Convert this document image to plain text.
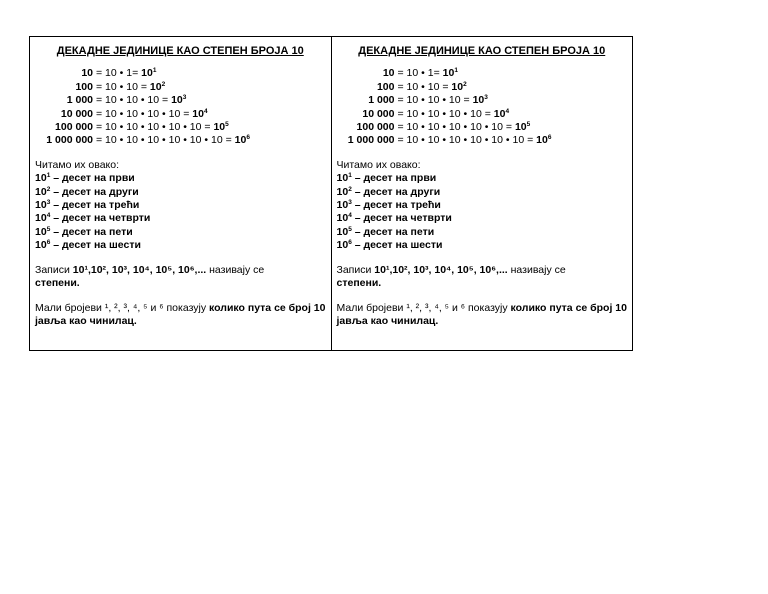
ДЕКАДНЕ ЈЕДИНИЦЕ КАО СТЕПЕН БРОЈА 10
10 = 10 • $1= 10^1$
100 = 10 • $10 = 10^2$
1 000 = 10 • 10 • $10 = 10^3$
10 000 = 10 • 10 • 10 • $10 = 10^4$
100 000 = 10 • 10 • 10 • 10 • $10 = 10^5$
1 000 000 = 10 • 10 • 10 • 10 • 10 • $10 = 10^6$
Читамо их овако:
$10^1$ – десет на први
$10^2$ – десет на други
$10^3$ – десет на трећи
$10^4$ – десет на четврти
$10^5$ – десет на пети
$10^6$ – десет на шести
Записи 10¹,10², 10³, 10⁴, 10⁵, 10⁶,... називају се
степени.
Мали бројеви ¹, ², ³, ⁴, ⁵ и ⁶ показују колико пута се број 10 јавља као чинилац.
ДЕКАДНЕ ЈЕДИНИЦЕ КАО СТЕПЕН БРОЈА 10
10 = 10 • $1= 10^1$
100 = 10 • $10 = 10^2$
1 000 = 10 • 10 • $10 = 10^3$
10 000 = 10 • 10 • 10 • $10 = 10^4$
100 000 = 10 • 10 • 10 • 10 • $10 = 10^5$
1 000 000 = 10 • 10 • 10 • 10 • 10 • $10 = 10^6$
Читамо их овако:
$10^1$ – десет на први
$10^2$ – десет на други
$10^3$ – десет на трећи
$10^4$ – десет на четврти
$10^5$ – десет на пети
$10^6$ – десет на шести
Записи 10¹,10², 10³, 10⁴, 10⁵, 10⁶,... називају се
степени.
Мали бројеви ¹, ², ³, ⁴, ⁵ и ⁶ показују колико пута се број 10 јавља као чинилац.
